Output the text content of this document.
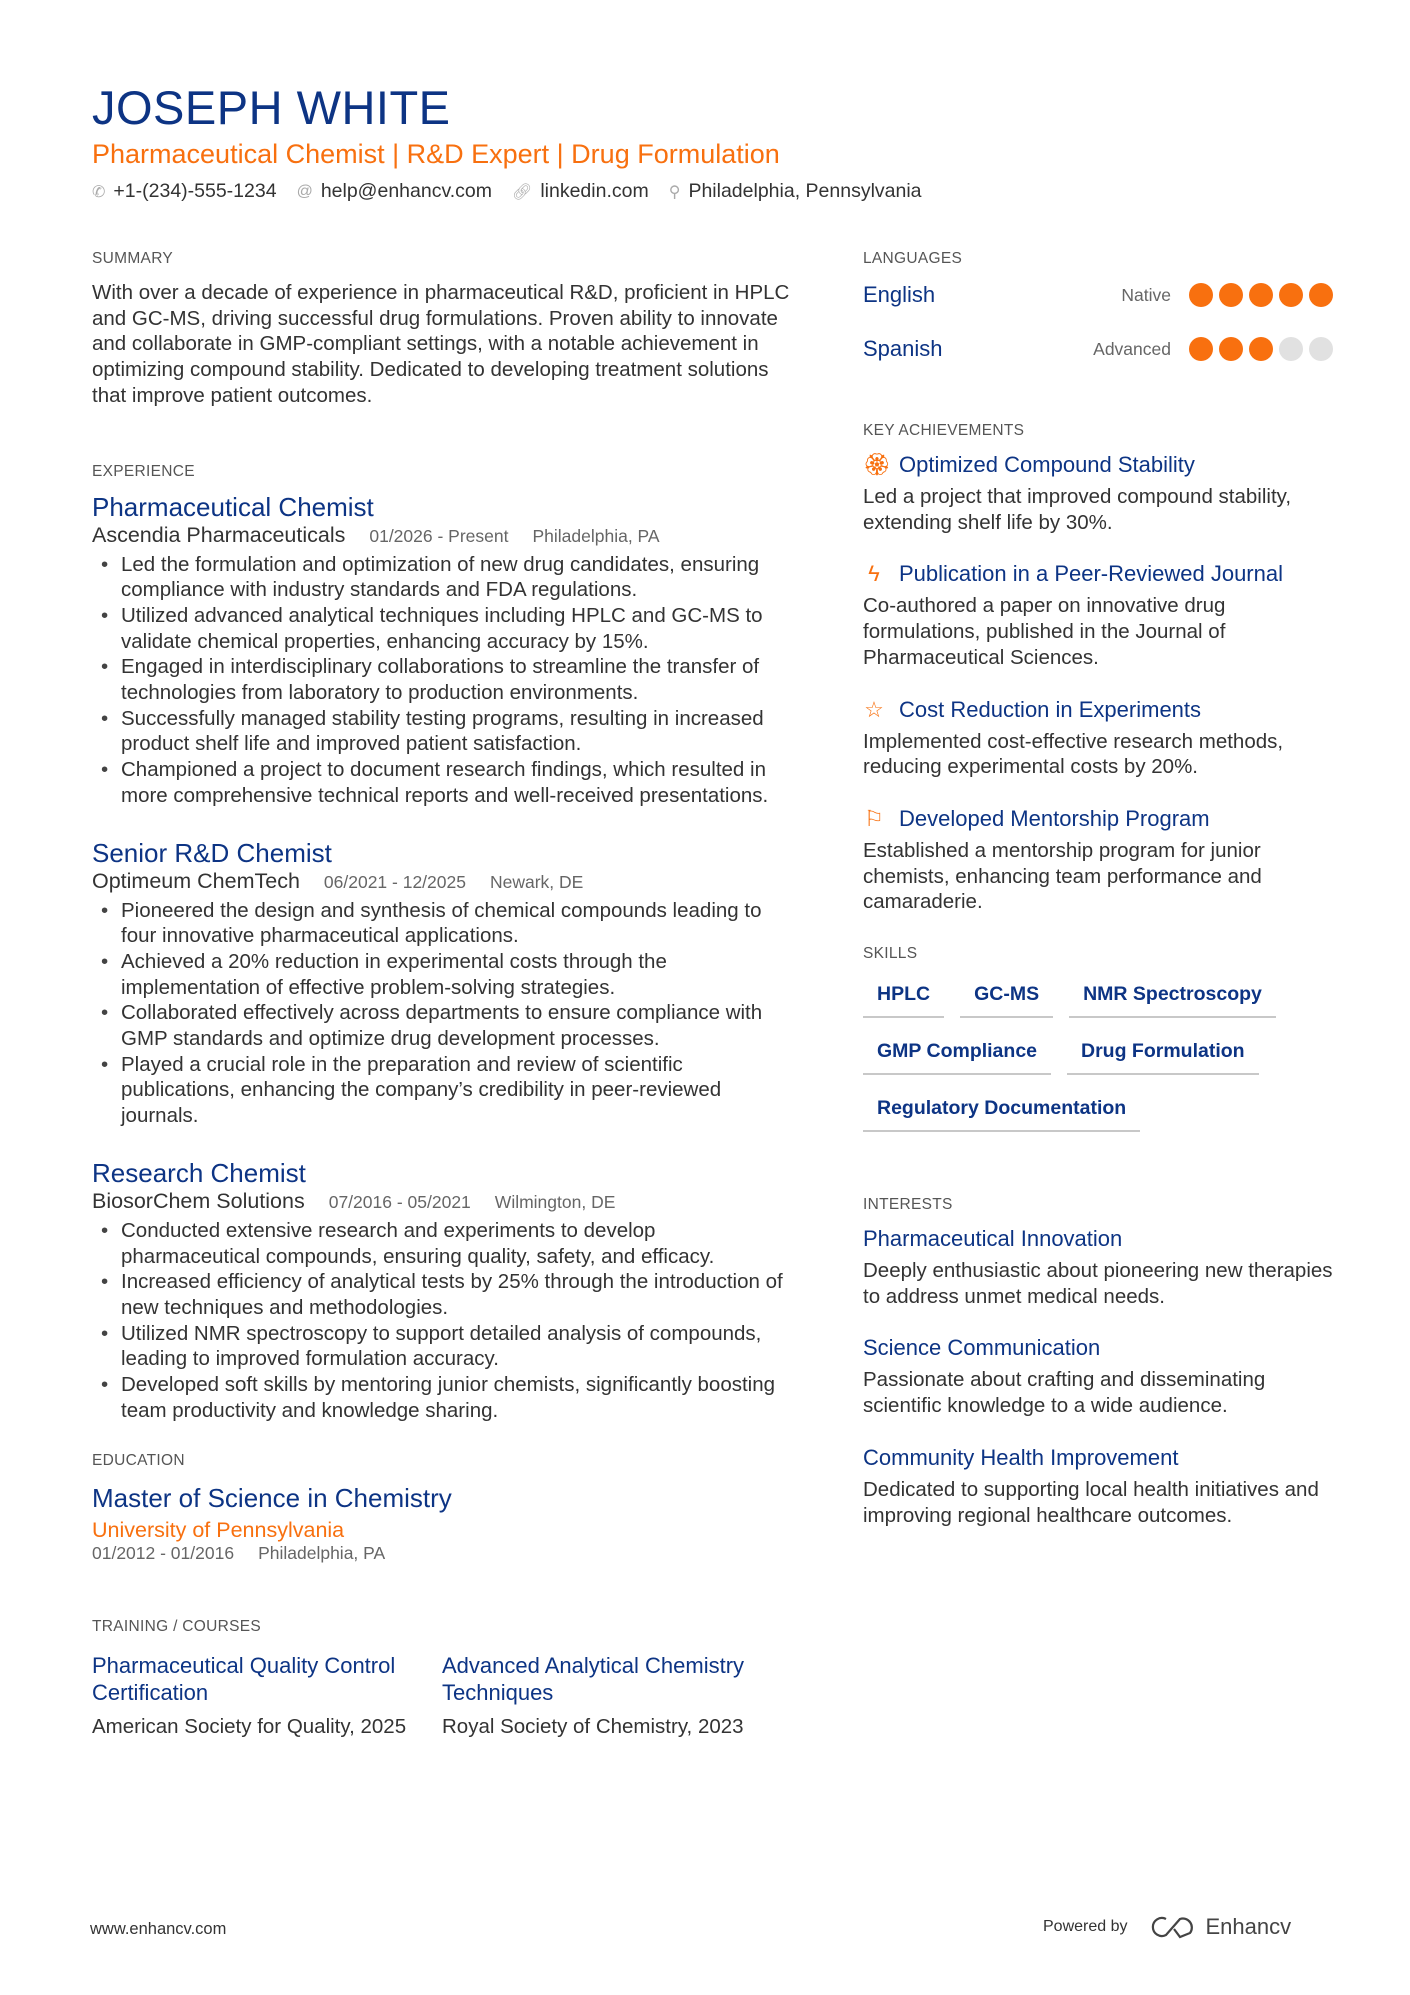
JOSEPH WHITE
Pharmaceutical Chemist | R&D Expert | Drug Formulation
✆ +1-(234)-555-1234 @ help@enhancv.com 🔗︎ linkedin.com ⚲ Philadelphia, Pennsylvania
SUMMARY
With over a decade of experience in pharmaceutical R&D, proficient in HPLC and GC-MS, driving successful drug formulations. Proven ability to innovate and collaborate in GMP-compliant settings, with a notable achievement in optimizing compound stability. Dedicated to developing treatment solutions that improve patient outcomes.
EXPERIENCE
Pharmaceutical Chemist
Ascendia Pharmaceuticals 01/2026 - Present Philadelphia, PA
• Led the formulation and optimization of new drug candidates, ensuring compliance with industry standards and FDA regulations.
• Utilized advanced analytical techniques including HPLC and GC-MS to validate chemical properties, enhancing accuracy by 15%.
• Engaged in interdisciplinary collaborations to streamline the transfer of technologies from laboratory to production environments.
• Successfully managed stability testing programs, resulting in increased product shelf life and improved patient satisfaction.
• Championed a project to document research findings, which resulted in more comprehensive technical reports and well-received presentations.
Senior R&D Chemist
Optimeum ChemTech 06/2021 - 12/2025 Newark, DE
• Pioneered the design and synthesis of chemical compounds leading to four innovative pharmaceutical applications.
• Achieved a 20% reduction in experimental costs through the implementation of effective problem-solving strategies.
• Collaborated effectively across departments to ensure compliance with GMP standards and optimize drug development processes.
• Played a crucial role in the preparation and review of scientific publications, enhancing the company’s credibility in peer-reviewed journals.
Research Chemist
BiosorChem Solutions 07/2016 - 05/2021 Wilmington, DE
• Conducted extensive research and experiments to develop pharmaceutical compounds, ensuring quality, safety, and efficacy.
• Increased efficiency of analytical tests by 25% through the introduction of new techniques and methodologies.
• Utilized NMR spectroscopy to support detailed analysis of compounds, leading to improved formulation accuracy.
• Developed soft skills by mentoring junior chemists, significantly boosting team productivity and knowledge sharing.
EDUCATION
Master of Science in Chemistry
University of Pennsylvania
01/2012 - 01/2016 Philadelphia, PA
TRAINING / COURSES
Pharmaceutical Quality Control Certification
American Society for Quality, 2025
Advanced Analytical Chemistry Techniques
Royal Society of Chemistry, 2023
LANGUAGES
English	Native
Spanish	Advanced
KEY ACHIEVEMENTS
🏵︎ Optimized Compound Stability
Led a project that improved compound stability, extending shelf life by 30%.
ϟ Publication in a Peer-Reviewed Journal
Co-authored a paper on innovative drug formulations, published in the Journal of Pharmaceutical Sciences.
☆ Cost Reduction in Experiments
Implemented cost-effective research methods, reducing experimental costs by 20%.
⚐ Developed Mentorship Program
Established a mentorship program for junior chemists, enhancing team performance and camaraderie.
SKILLS
HPLC	GC-MS	NMR Spectroscopy
GMP Compliance	Drug Formulation
Regulatory Documentation
INTERESTS
Pharmaceutical Innovation
Deeply enthusiastic about pioneering new therapies to address unmet medical needs.
Science Communication
Passionate about crafting and disseminating scientific knowledge to a wide audience.
Community Health Improvement
Dedicated to supporting local health initiatives and improving regional healthcare outcomes.
www.enhancv.com	Powered by	Enhancv
